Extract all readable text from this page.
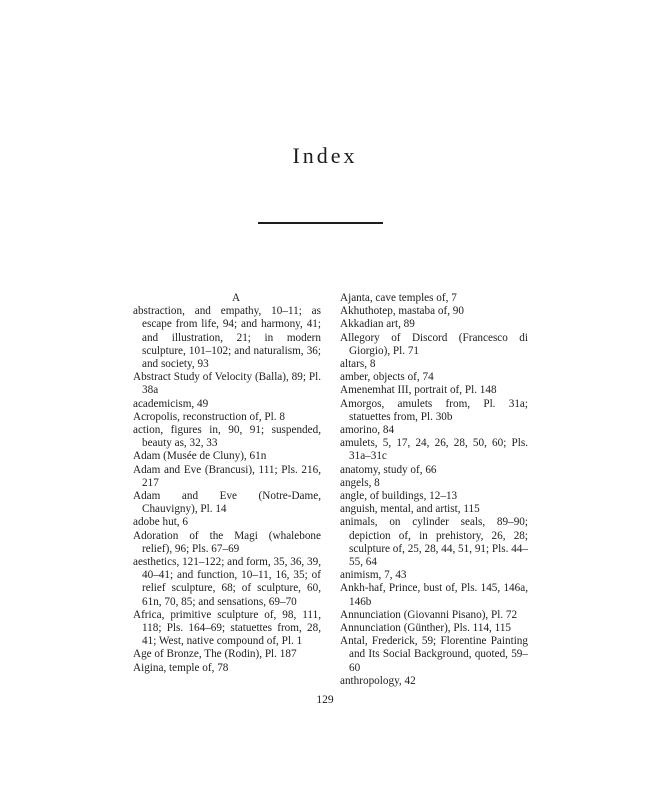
Index
A
abstraction, and empathy, 10–11; as escape from life, 94; and harmony, 41; and illustration, 21; in modern sculpture, 101–102; and naturalism, 36; and society, 93
Abstract Study of Velocity (Balla), 89; Pl. 38a
academicism, 49
Acropolis, reconstruction of, Pl. 8
action, figures in, 90, 91; suspended, beauty as, 32, 33
Adam (Musée de Cluny), 61n
Adam and Eve (Brancusi), 111; Pls. 216, 217
Adam and Eve (Notre-Dame, Chauvigny), Pl. 14
adobe hut, 6
Adoration of the Magi (whalebone relief), 96; Pls. 67–69
aesthetics, 121–122; and form, 35, 36, 39, 40–41; and function, 10–11, 16, 35; of relief sculpture, 68; of sculpture, 60, 61n, 70, 85; and sensations, 69–70
Africa, primitive sculpture of, 98, 111, 118; Pls. 164–69; statuettes from, 28, 41; West, native compound of, Pl. 1
Age of Bronze, The (Rodin), Pl. 187
Aigina, temple of, 78
Ajanta, cave temples of, 7
Akhuthotep, mastaba of, 90
Akkadian art, 89
Allegory of Discord (Francesco di Giorgio), Pl. 71
altars, 8
amber, objects of, 74
Amenemhat III, portrait of, Pl. 148
Amorgos, amulets from, Pl. 31a; statuettes from, Pl. 30b
amorino, 84
amulets, 5, 17, 24, 26, 28, 50, 60; Pls. 31a–31c
anatomy, study of, 66
angels, 8
angle, of buildings, 12–13
anguish, mental, and artist, 115
animals, on cylinder seals, 89–90; depiction of, in prehistory, 26, 28; sculpture of, 25, 28, 44, 51, 91; Pls. 44–55, 64
animism, 7, 43
Ankh-haf, Prince, bust of, Pls. 145, 146a, 146b
Annunciation (Giovanni Pisano), Pl. 72
Annunciation (Günther), Pls. 114, 115
Antal, Frederick, 59; Florentine Painting and Its Social Background, quoted, 59–60
anthropology, 42
129
